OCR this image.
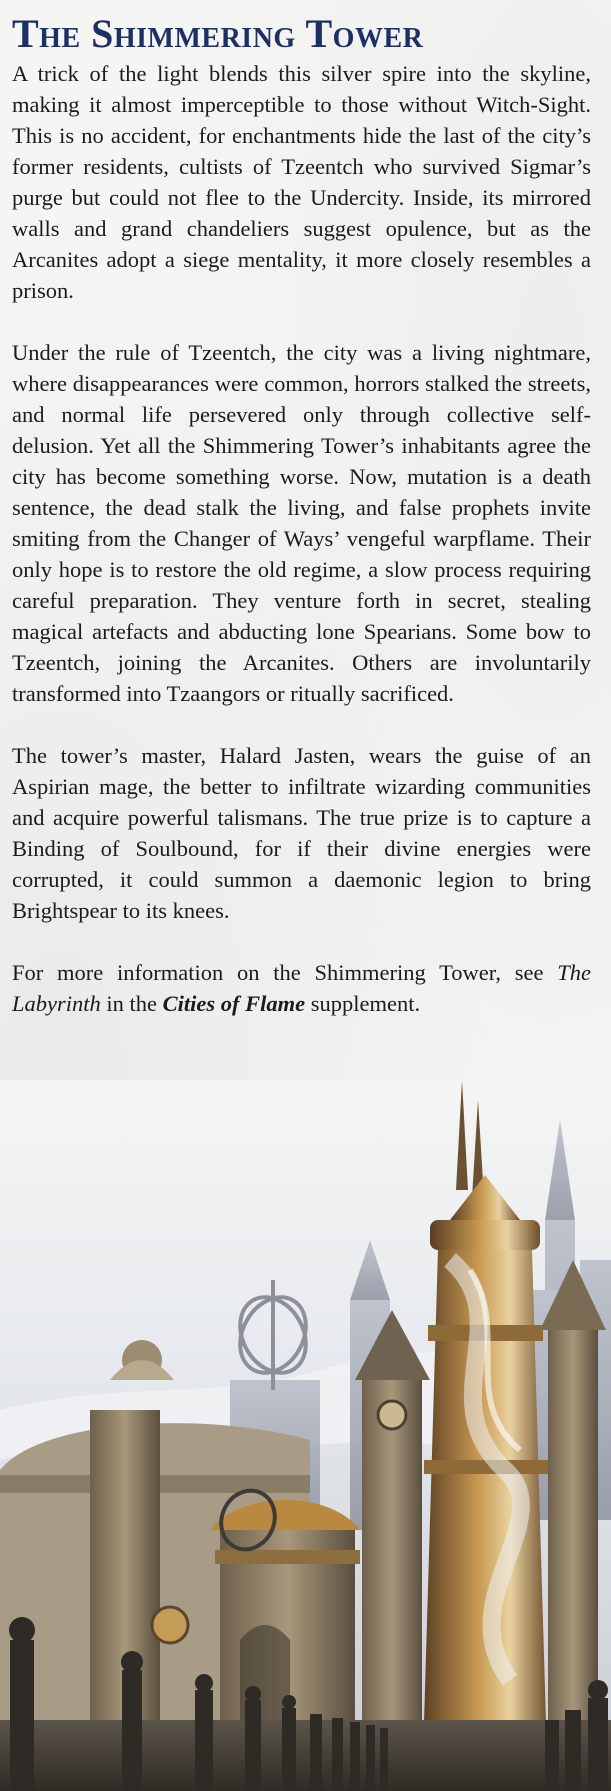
The Shimmering Tower

A trick of the light blends this silver spire into the skyline, making it almost imperceptible to those without Witch-Sight. This is no accident, for enchantments hide the last of the city’s former residents, cultists of Tzeentch who survived Sigmar’s purge but could not flee to the Undercity. Inside, its mirrored walls and grand chandeliers suggest opulence, but as the Arcanites adopt a siege mentality, it more closely resembles a prison.

Under the rule of Tzeentch, the city was a living nightmare, where disappearances were common, horrors stalked the streets, and normal life persevered only through collective self-delusion. Yet all the Shimmering Tower’s inhabitants agree the city has become something worse. Now, mutation is a death sentence, the dead stalk the living, and false prophets invite smiting from the Changer of Ways’ vengeful warpflame. Their only hope is to restore the old regime, a slow process requiring careful preparation. They venture forth in secret, stealing magical artefacts and abducting lone Spearians. Some bow to Tzeentch, joining the Arcanites. Others are involuntarily transformed into Tzaangors or ritually sacrificed.

The tower’s master, Halard Jasten, wears the guise of an Aspirian mage, the better to infiltrate wizarding communities and acquire powerful talismans. The true prize is to capture a Binding of Soulbound, for if their divine energies were corrupted, it could summon a daemonic legion to bring Brightspear to its knees.

For more information on the Shimmering Tower, see The Labyrinth in the Cities of Flame supplement.
